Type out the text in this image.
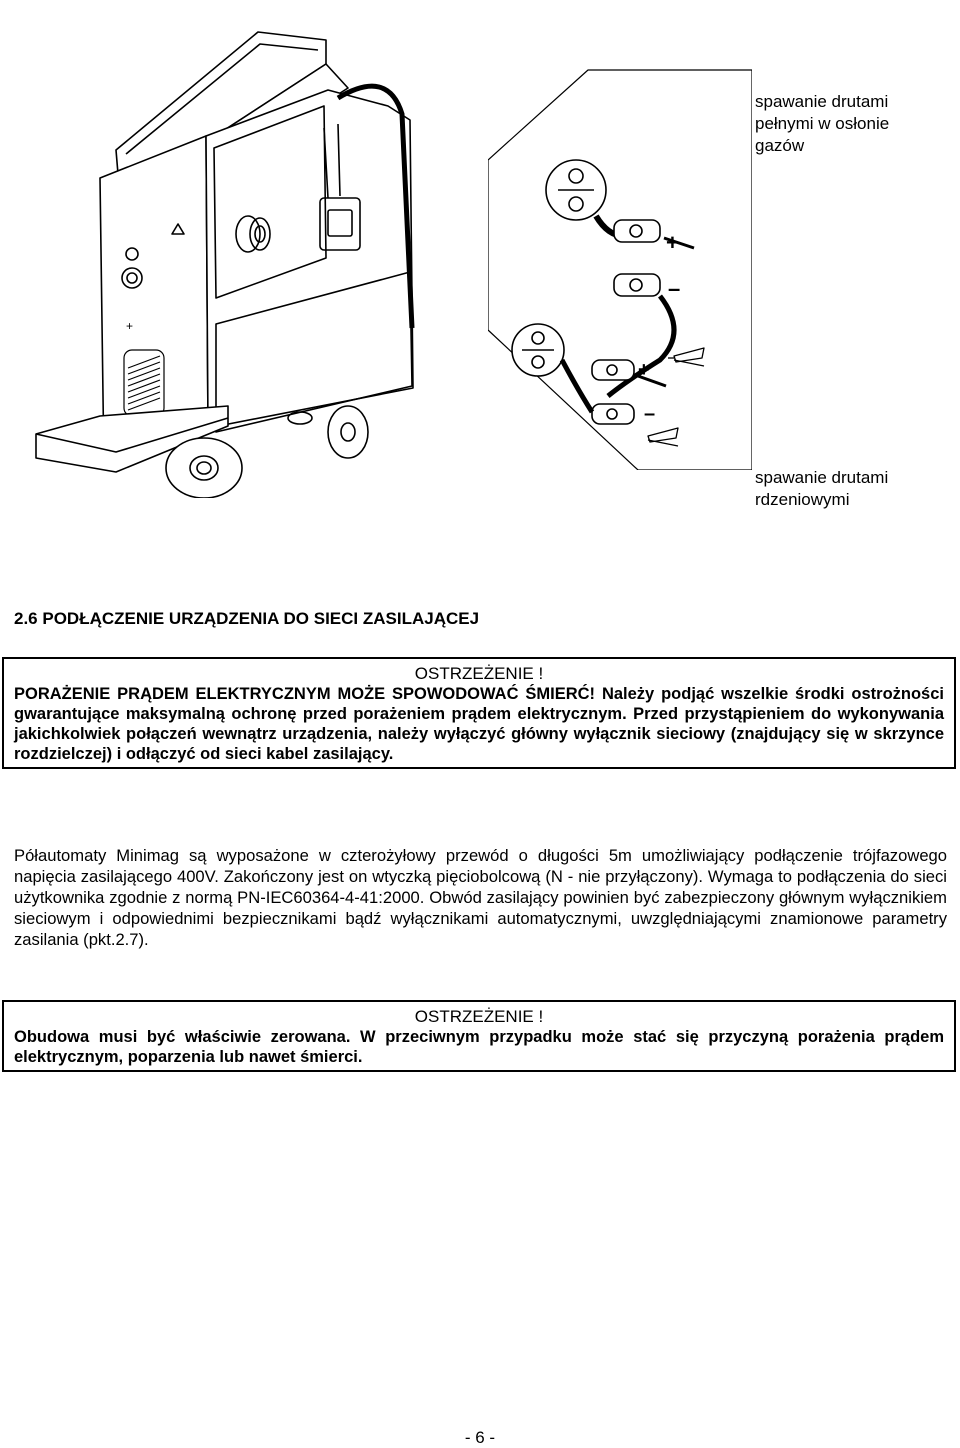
+
+
–
+
–
spawanie drutami
pełnymi w osłonie
gazów
spawanie drutami
rdzeniowymi
2.6 PODŁĄCZENIE URZĄDZENIA DO SIECI ZASILAJĄCEJ
OSTRZEŻENIE !
PORAŻENIE PRĄDEM ELEKTRYCZNYM MOŻE SPOWODOWAĆ ŚMIERĆ! Należy podjąć wszelkie środki ostrożności gwarantujące maksymalną ochronę przed porażeniem prądem elektrycznym. Przed przystąpieniem do wykonywania jakichkolwiek połączeń wewnątrz urządzenia, należy wyłączyć główny wyłącznik sieciowy (znajdujący się w skrzynce rozdzielczej) i odłączyć od sieci kabel zasilający.
Półautomaty Minimag są wyposażone w czterożyłowy przewód o długości 5m umożliwiający podłączenie trójfazowego napięcia zasilającego 400V. Zakończony jest on wtyczką pięciobolcową (N - nie przyłączony). Wymaga to podłączenia do sieci użytkownika zgodnie z normą PN-IEC60364-4-41:2000. Obwód zasilający powinien być zabezpieczony głównym wyłącznikiem sieciowym i odpowiednimi bezpiecznikami bądź wyłącznikami automatycznymi, uwzględniającymi znamionowe parametry zasilania (pkt.2.7).
OSTRZEŻENIE !
Obudowa musi być właściwie zerowana. W przeciwnym przypadku może stać się przyczyną porażenia prądem elektrycznym, poparzenia lub nawet śmierci.
- 6 -
